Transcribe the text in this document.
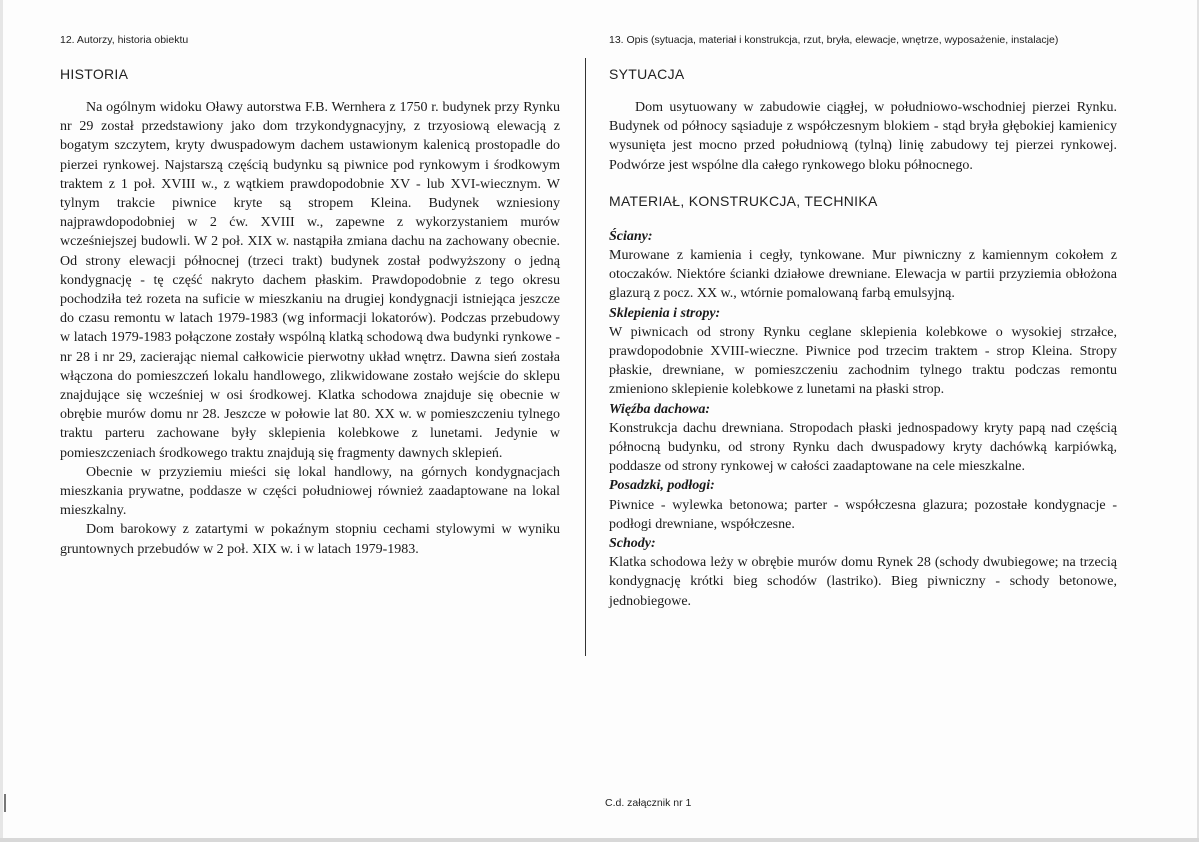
12. Autorzy, historia obiektu
HISTORIA

Na ogólnym widoku Oławy autorstwa F.B. Wernhera z 1750 r. budynek przy Rynku nr 29 został przedstawiony jako dom trzykondygnacyjny, z trzyosiową elewacją z bogatym szczytem, kryty dwuspadowym dachem ustawionym kalenicą prostopadle do pierzei rynkowej. Najstarszą częścią budynku są piwnice pod rynkowym i środkowym traktem z 1 poł. XVIII w., z wątkiem prawdopodobnie XV - lub XVI-wiecznym. W tylnym trakcie piwnice kryte są stropem Kleina. Budynek wzniesiony najprawdopodobniej w 2 ćw. XVIII w., zapewne z wykorzystaniem murów wcześniejszej budowli. W 2 poł. XIX w. nastąpiła zmiana dachu na zachowany obecnie. Od strony elewacji północnej (trzeci trakt) budynek został podwyższony o jedną kondygnację - tę część nakryto dachem płaskim. Prawdopodobnie z tego okresu pochodziła też rozeta na suficie w mieszkaniu na drugiej kondygnacji istniejąca jeszcze do czasu remontu w latach 1979-1983 (wg informacji lokatorów). Podczas przebudowy w latach 1979-1983 połączone zostały wspólną klatką schodową dwa budynki rynkowe - nr 28 i nr 29, zacierając niemal całkowicie pierwotny układ wnętrz. Dawna sień została włączona do pomieszczeń lokalu handlowego, zlikwidowane zostało wejście do sklepu znajdujące się wcześniej w osi środkowej. Klatka schodowa znajduje się obecnie w obrębie murów domu nr 28. Jeszcze w połowie lat 80. XX w. w pomieszczeniu tylnego traktu parteru zachowane były sklepienia kolebkowe z lunetami. Jedynie w pomieszczeniach środkowego traktu znajdują się fragmenty dawnych sklepień.

Obecnie w przyziemiu mieści się lokal handlowy, na górnych kondygnacjach mieszkania prywatne, poddasze w części południowej również zaadaptowane na lokal mieszkalny.

Dom barokowy z zatartymi w pokaźnym stopniu cechami stylowymi w wyniku gruntownych przebudów w 2 poł. XIX w. i w latach 1979-1983.

13. Opis (sytuacja, materiał i konstrukcja, rzut, bryła, elewacje, wnętrze, wyposażenie, instalacje)
SYTUACJA

Dom usytuowany w zabudowie ciągłej, w południowo-wschodniej pierzei Rynku. Budynek od północy sąsiaduje z współczesnym blokiem - stąd bryła głębokiej kamienicy wysunięta jest mocno przed południową (tylną) linię zabudowy tej pierzei rynkowej. Podwórze jest wspólne dla całego rynkowego bloku północnego.

MATERIAŁ, KONSTRUKCJA, TECHNIKA

Ściany:

Murowane z kamienia i cegły, tynkowane. Mur piwniczny z kamiennym cokołem z otoczaków. Niektóre ścianki działowe drewniane. Elewacja w partii przyziemia obłożona glazurą z pocz. XX w., wtórnie pomalowaną farbą emulsyjną.

Sklepienia i stropy:

W piwnicach od strony Rynku ceglane sklepienia kolebkowe o wysokiej strzałce, prawdopodobnie XVIII-wieczne. Piwnice pod trzecim traktem - strop Kleina. Stropy płaskie, drewniane, w pomieszczeniu zachodnim tylnego traktu podczas remontu zmieniono sklepienie kolebkowe z lunetami na płaski strop.

Więźba dachowa:

Konstrukcja dachu drewniana. Stropodach płaski jednospadowy kryty papą nad częścią północną budynku, od strony Rynku dach dwuspadowy kryty dachówką karpiówką, poddasze od strony rynkowej w całości zaadaptowane na cele mieszkalne.

Posadzki, podłogi:

Piwnice - wylewka betonowa; parter - współczesna glazura; pozostałe kondygnacje - podłogi drewniane, współczesne.

Schody:

Klatka schodowa leży w obrębie murów domu Rynek 28 (schody dwubiegowe; na trzecią kondygnację krótki bieg schodów (lastriko). Bieg piwniczny - schody betonowe, jednobiegowe.

C.d. załącznik nr 1
